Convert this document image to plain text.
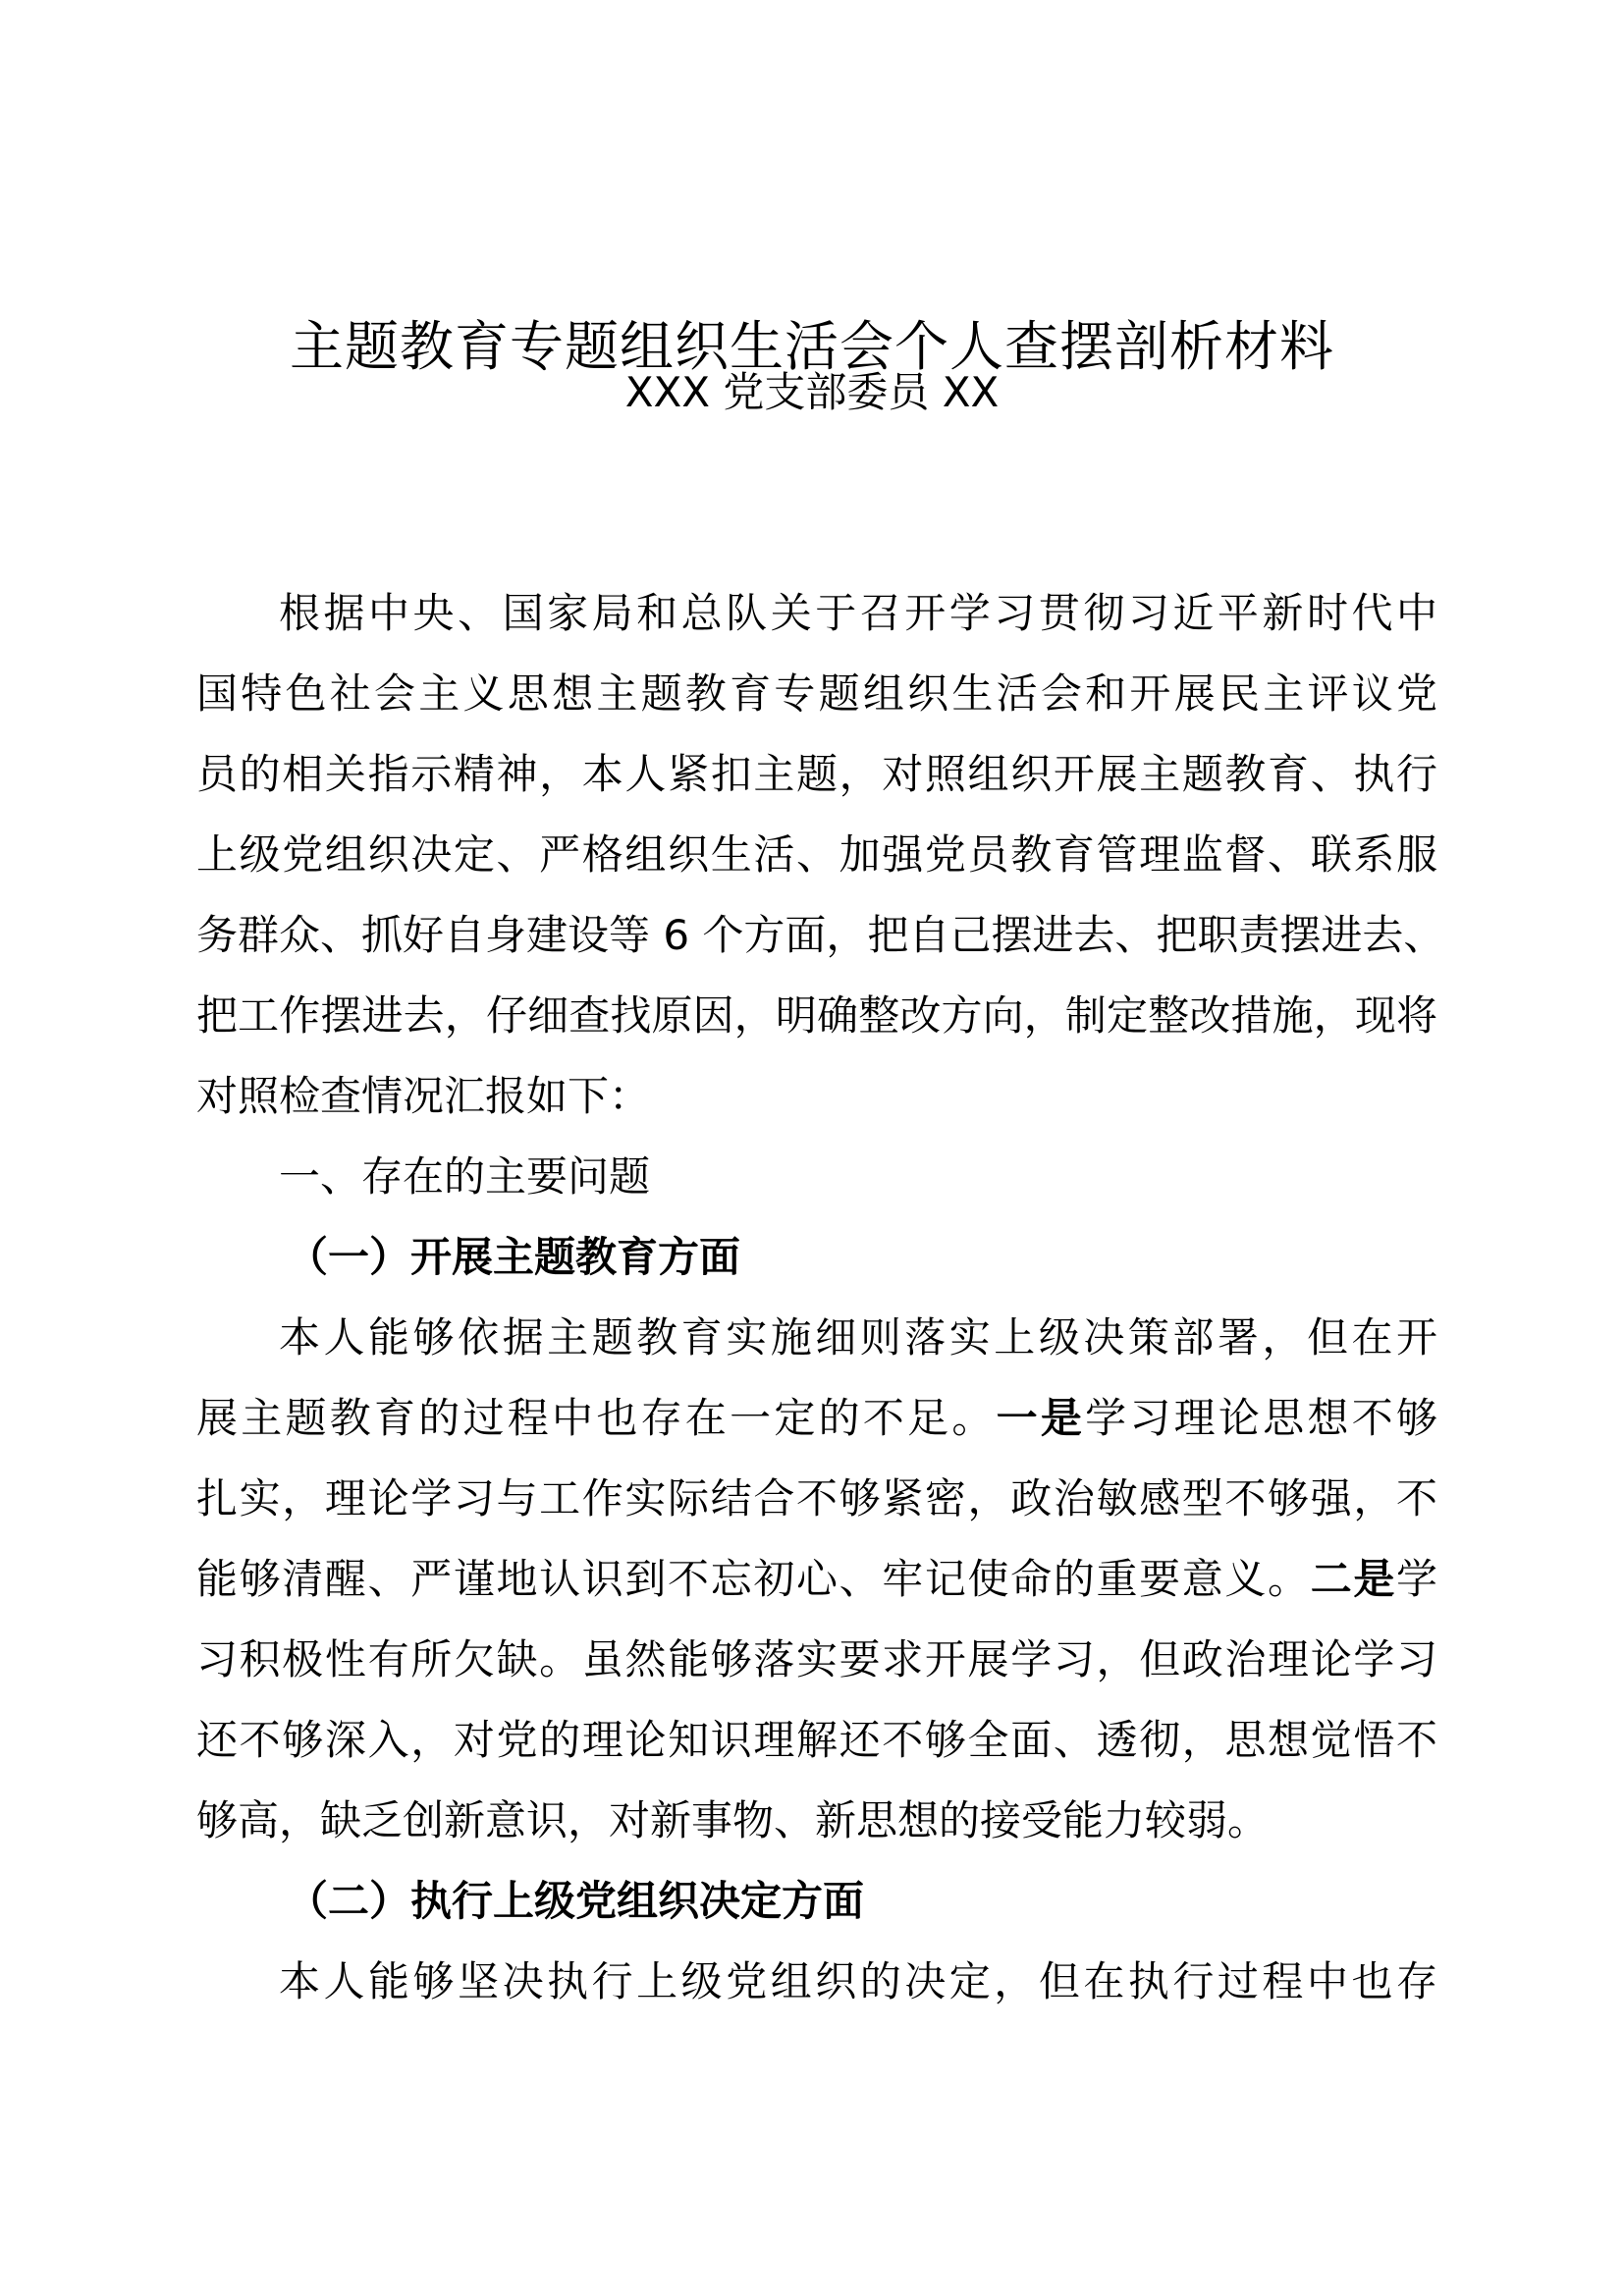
主题教育专题组织生活会个人查摆剖析材料
XXX 党支部委员 XX
根据中央、国家局和总队关于召开学习贯彻习近平新时代中
国特色社会主义思想主题教育专题组织生活会和开展民主评议党
员的相关指示精神，本人紧扣主题，对照组织开展主题教育、执行
上级党组织决定、严格组织生活、加强党员教育管理监督、联系服
务群众、抓好自身建设等 6 个方面，把自己摆进去、把职责摆进去、
把工作摆进去，仔细查找原因，明确整改方向，制定整改措施，现将
对照检查情况汇报如下：
一、存在的主要问题
（一）开展主题教育方面
本人能够依据主题教育实施细则落实上级决策部署，但在开
展主题教育的过程中也存在一定的不足。一是学习理论思想不够
扎实，理论学习与工作实际结合不够紧密，政治敏感型不够强，不
能够清醒、严谨地认识到不忘初心、牢记使命的重要意义。二是学
习积极性有所欠缺。虽然能够落实要求开展学习，但政治理论学习
还不够深入，对党的理论知识理解还不够全面、透彻，思想觉悟不
够高，缺乏创新意识，对新事物、新思想的接受能力较弱。
（二）执行上级党组织决定方面
本人能够坚决执行上级党组织的决定，但在执行过程中也存
